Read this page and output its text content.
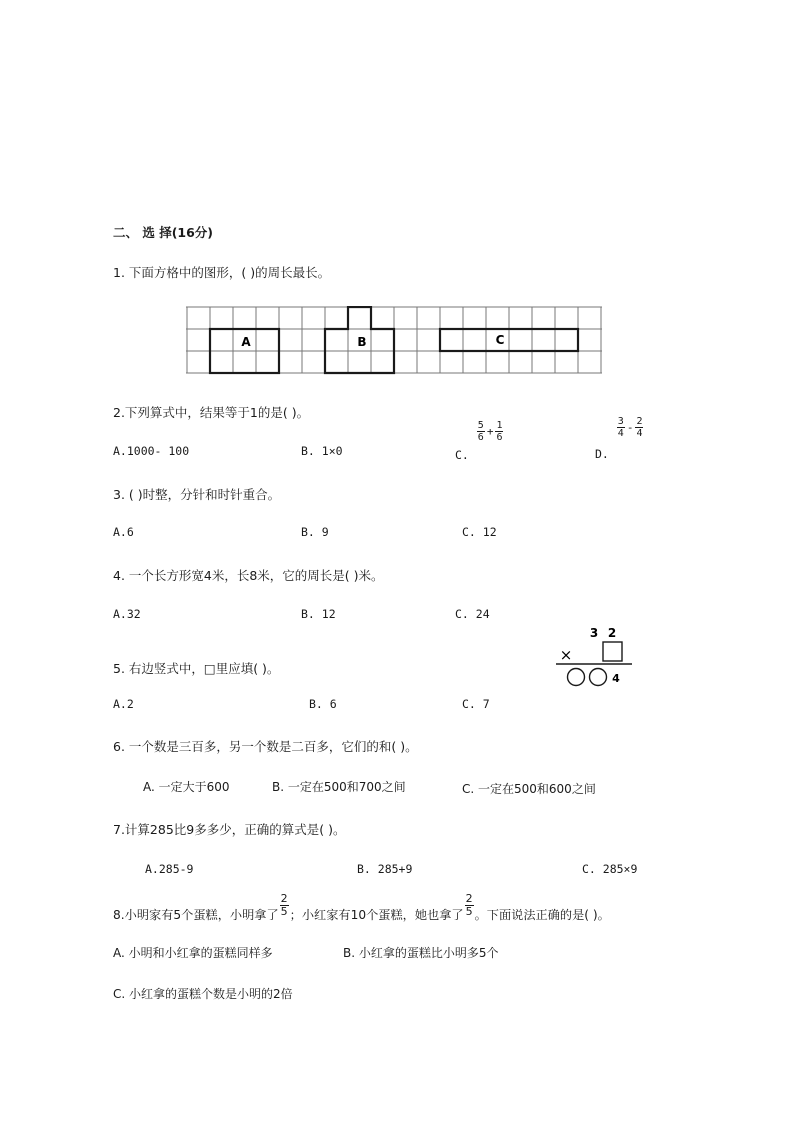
二、 选 择(16分)
1. 下面方格中的图形，( )的周长最长。
A	B	C
2.下列算式中，结果等于1的是( )。
A.1000- 100	B. 1×0	C.
$\frac{5}{6} + \frac{1}{6}$
D.
$\frac{3}{4} - \frac{2}{4}$
3. ( )时整，分针和时针重合。
A.6	B. 9	C. 12
4. 一个长方形宽4米，长8米，它的周长是( )米。
A.32	B. 12	C. 24
3 2
×
4
5. 右边竖式中，□里应填( )。
A.2	B. 6	C. 7
6. 一个数是三百多，另一个数是二百多，它们的和( )。
A. 一定大于600	B. 一定在500和700之间	C. 一定在500和600之间
7.计算285比9多多少，正确的算式是( )。
A.285-9	B. 285+9	C. 285×9
8.小明家有5个蛋糕，小明拿了 $\frac{2}{5}$ ；小红家有10个蛋糕，她也拿了 $\frac{2}{5}$ 。下面说法正确的是( )。
A. 小明和小红拿的蛋糕同样多	B. 小红拿的蛋糕比小明多5个
C. 小红拿的蛋糕个数是小明的2倍
